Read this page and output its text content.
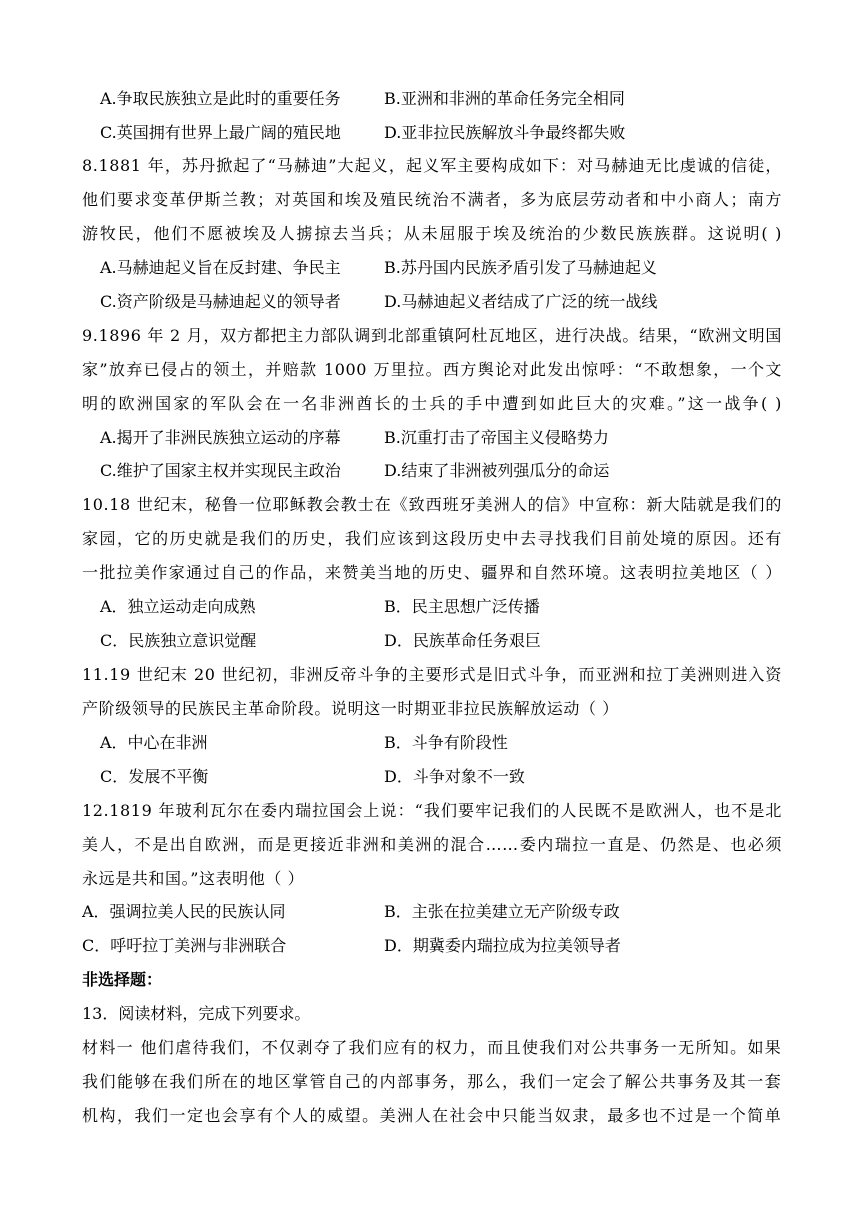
A.争取民族独立是此时的重要任务	B.亚洲和非洲的革命任务完全相同
C.英国拥有世界上最广阔的殖民地	D.亚非拉民族解放斗争最终都失败
8.1881 年，苏丹掀起了“马赫迪”大起义，起义军主要构成如下：对马赫迪无比虔诚的信徒，
他们要求变革伊斯兰教；对英国和埃及殖民统治不满者，多为底层劳动者和中小商人；南方
游牧民，他们不愿被埃及人掳掠去当兵；从未屈服于埃及统治的少数民族族群。这说明( )
A.马赫迪起义旨在反封建、争民主	B.苏丹国内民族矛盾引发了马赫迪起义
C.资产阶级是马赫迪起义的领导者	D.马赫迪起义者结成了广泛的统一战线
9.1896 年 2 月，双方都把主力部队调到北部重镇阿杜瓦地区，进行决战。结果，“欧洲文明国
家”放弃已侵占的领土，并赔款 1000 万里拉。西方舆论对此发出惊呼：“不敢想象，一个文
明的欧洲国家的军队会在一名非洲酋长的士兵的手中遭到如此巨大的灾难。”这一战争( )
A.揭开了非洲民族独立运动的序幕	B.沉重打击了帝国主义侵略势力
C.维护了国家主权并实现民主政治	D.结束了非洲被列强瓜分的命运
10.18 世纪末，秘鲁一位耶稣教会教士在《致西班牙美洲人的信》中宣称：新大陆就是我们的
家园，它的历史就是我们的历史，我们应该到这段历史中去寻找我们目前处境的原因。还有
一批拉美作家通过自己的作品，来赞美当地的历史、疆界和自然环境。这表明拉美地区（ ）
A．独立运动走向成熟	B．民主思想广泛传播
C．民族独立意识觉醒	D．民族革命任务艰巨
11.19 世纪末 20 世纪初，非洲反帝斗争的主要形式是旧式斗争，而亚洲和拉丁美洲则进入资
产阶级领导的民族民主革命阶段。说明这一时期亚非拉民族解放运动（ ）
A．中心在非洲	B．斗争有阶段性
C．发展不平衡	D．斗争对象不一致
12.1819 年玻利瓦尔在委内瑞拉国会上说：“我们要牢记我们的人民既不是欧洲人，也不是北
美人，不是出自欧洲，而是更接近非洲和美洲的混合……委内瑞拉一直是、仍然是、也必须
永远是共和国。”这表明他（ ）
A．强调拉美人民的民族认同	B．主张在拉美建立无产阶级专政
C．呼吁拉丁美洲与非洲联合	D．期冀委内瑞拉成为拉美领导者
非选择题：
13．阅读材料，完成下列要求。
材料一 他们虐待我们，不仅剥夺了我们应有的权力，而且使我们对公共事务一无所知。如果
我们能够在我们所在的地区掌管自己的内部事务，那么，我们一定会了解公共事务及其一套
机构，我们一定也会享有个人的威望。美洲人在社会中只能当奴隶，最多也不过是一个简单
